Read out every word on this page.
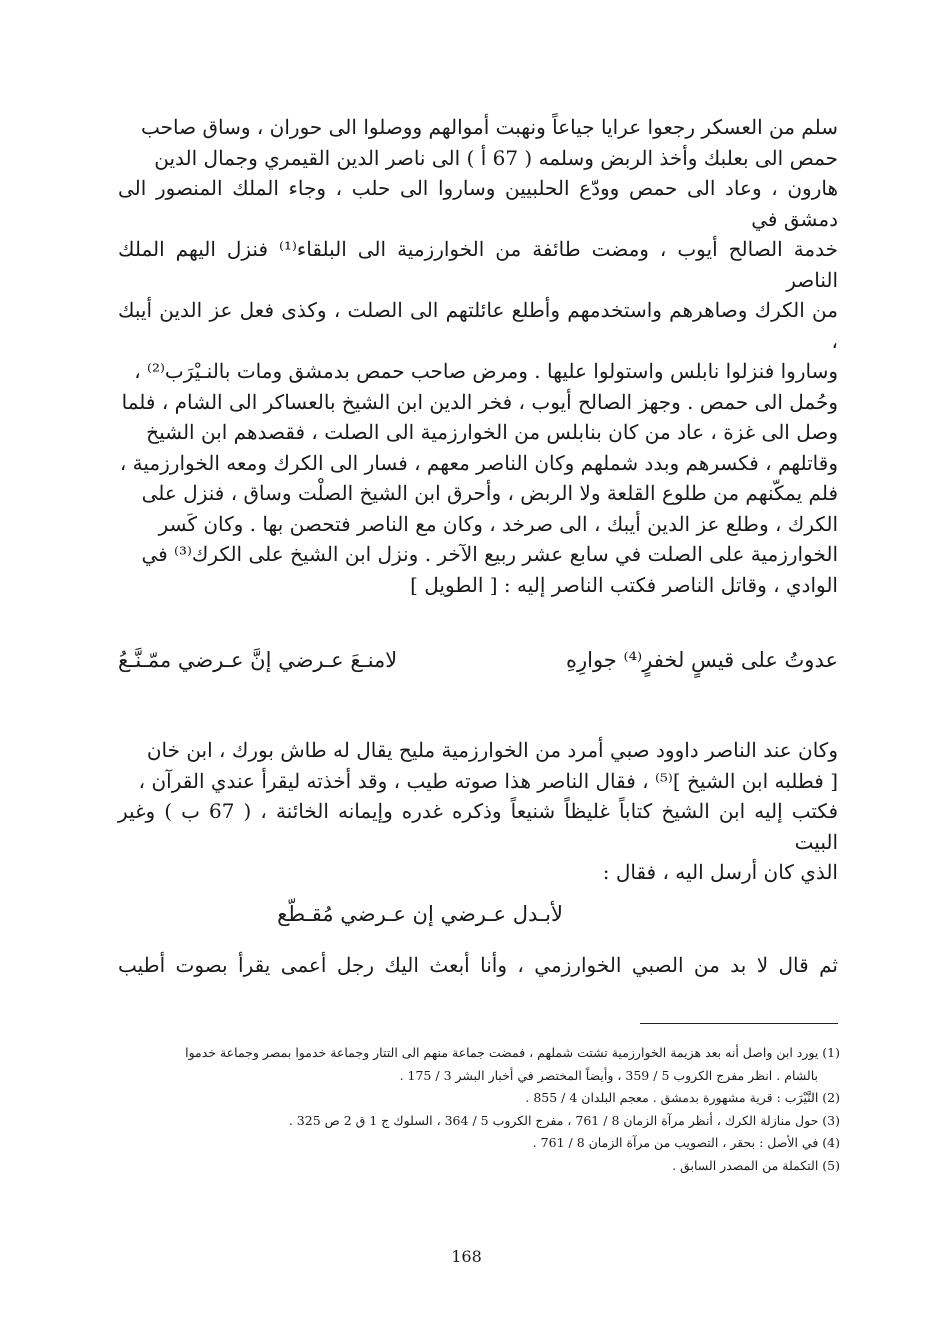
سلم من العسكر رجعوا عرايا جياعاً ونهبت أموالهم ووصلوا الى حوران ، وساق صاحب

حمص الى بعلبك وأخذ الربض وسلمه ( 67 أ ) الى ناصر الدين القيمري وجمال الدين

هارون ، وعاد الى حمص وودّع الحلبيين وساروا الى حلب ، وجاء الملك المنصور الى دمشق في

خدمة الصالح أيوب ، ومضت طائفة من الخوارزمية الى البلقاء⁽¹⁾ فنزل اليهم الملك الناصر

من الكرك وصاهرهم واستخدمهم وأطلع عائلتهم الى الصلت ، وكذى فعل عز الدين أيبك ،

وساروا فنزلوا نابلس واستولوا عليها . ومرض صاحب حمص بدمشق ومات بالنـيْرَب⁽²⁾ ،

وحُمل الى حمص . وجهز الصالح أيوب ، فخر الدين ابن الشيخ بالعساكر الى الشام ، فلما

وصل الى غزة ، عاد من كان بنابلس من الخوارزمية الى الصلت ، فقصدهم ابن الشيخ

وقاتلهم ، فكسرهم وبدد شملهم وكان الناصر معهم ، فسار الى الكرك ومعه الخوارزمية ،

فلم يمكّنهم من طلوع القلعة ولا الربض ، وأحرق ابن الشيخ الصلْت وساق ، فنزل على

الكرك ، وطلع عز الدين أيبك ، الى صرخد ، وكان مع الناصر فتحصن بها . وكان كَسر

الخوارزمية على الصلت في سابع عشر ربيع الآخر . ونزل ابن الشيخ على الكرك⁽³⁾ في

الوادي ، وقاتل الناصر فكتب الناصر إليه : [ الطويل ]

عدوتُ على قيسٍ لخفرٍ⁽⁴⁾ جوارِهِ
لامنـعَ عـرضي إنَّ عـرضي ممّـنَّـعُ

وكان عند الناصر داوود صبي أمرد من الخوارزمية مليح يقال له طاش بورك ، ابن خان

[ فطلبه ابن الشيخ ]⁽⁵⁾ ، فقال الناصر هذا صوته طيب ، وقد أخذته ليقرأ عندي القرآن ،

فكتب إليه ابن الشيخ كتاباً غليظاً شنيعاً وذكره غدره وإيمانه الخائنة ، ( 67 ب ) وغير البيت

الذي كان أرسل اليه ، فقال :

لأبـدل عـرضي إن عـرضي مُقـطّع
ثم قال لا بد من الصبي الخوارزمي ، وأنا أبعث اليك رجل أعمى يقرأ بصوت أطيب
(1) يورد ابن واصل أنه بعد هزيمة الخوارزمية تشتت شملهم ، فمضت جماعة منهم الى التتار وجماعة خدموا بمصر وجماعة خدموا
بالشام . انظر مفرج الكروب 5 / 359 ، وأيضاً المختصر في أخبار البشر 3 / 175 .
(2) النَّيْرَب : قرية مشهورة بدمشق . معجم البلدان 4 / 855 .
(3) حول منازلة الكرك ، أنظر مرآة الزمان 8 / 761 ، مفرج الكروب 5 / 364 ، السلوك ج 1 ق 2 ص 325 .
(4) في الأصل : بحقر ، التصويب من مرآة الزمان 8 / 761 .
(5) التكملة من المصدر السابق .
168
